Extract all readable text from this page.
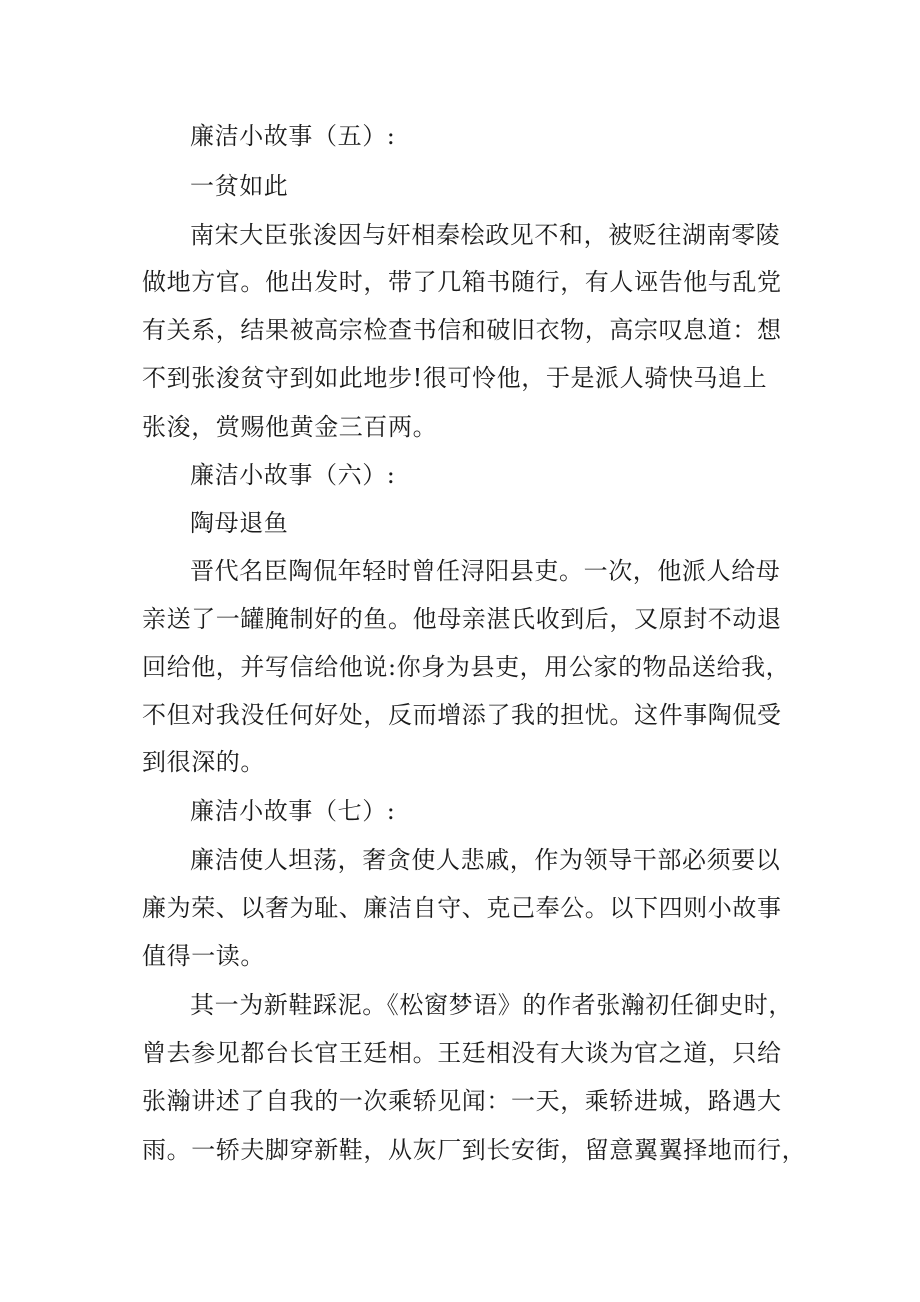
廉洁小故事（五）:
一贫如此
南宋大臣张浚因与奸相秦桧政见不和，被贬往湖南零陵
做地方官。他出发时，带了几箱书随行，有人诬告他与乱党
有关系，结果被高宗检查书信和破旧衣物，高宗叹息道：想
不到张浚贫守到如此地步!很可怜他，于是派人骑快马追上
张浚，赏赐他黄金三百两。
廉洁小故事（六）:
陶母退鱼
晋代名臣陶侃年轻时曾任浔阳县吏。一次，他派人给母
亲送了一罐腌制好的鱼。他母亲湛氏收到后，又原封不动退
回给他，并写信给他说:你身为县吏，用公家的物品送给我，
不但对我没任何好处，反而增添了我的担忧。这件事陶侃受
到很深的。
廉洁小故事（七）:
廉洁使人坦荡，奢贪使人悲戚，作为领导干部必须要以
廉为荣、以奢为耻、廉洁自守、克己奉公。以下四则小故事
值得一读。
其一为新鞋踩泥。《松窗梦语》的作者张瀚初任御史时，
曾去参见都台长官王廷相。王廷相没有大谈为官之道，只给
张瀚讲述了自我的一次乘轿见闻：一天，乘轿进城，路遇大
雨。一轿夫脚穿新鞋，从灰厂到长安街，留意翼翼择地而行，
